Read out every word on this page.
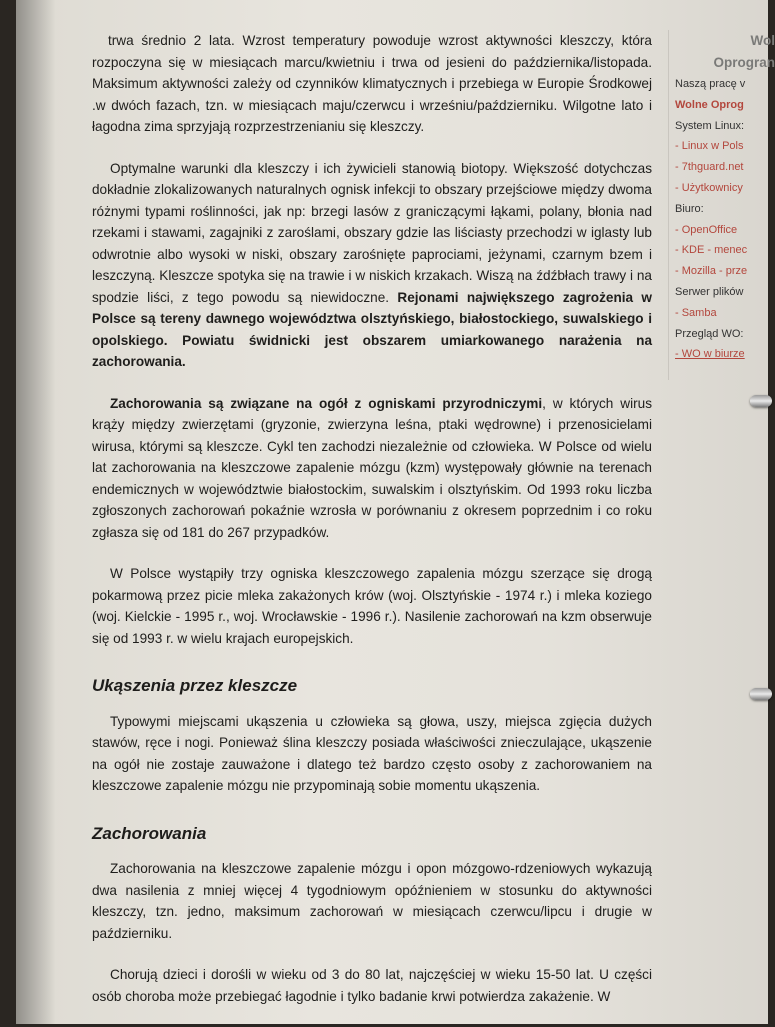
trwa średnio 2 lata. Wzrost temperatury powoduje wzrost aktywności kleszczy, która rozpoczyna się w miesiącach marcu/kwietniu i trwa od jesieni do października/listopada. Maksimum aktywności zależy od czynników klimatycznych i przebiega w Europie Środkowej .w dwóch fazach, tzn. w miesiącach maju/czerwcu i wrześniu/październiku. Wilgotne lato i łagodna zima sprzyjają rozprzestrzenianiu się kleszczy.

Optymalne warunki dla kleszczy i ich żywicieli stanowią biotopy. Większość dotychczas dokładnie zlokalizowanych naturalnych ognisk infekcji to obszary przejściowe między dwoma różnymi typami roślinności, jak np: brzegi lasów z graniczącymi łąkami, polany, błonia nad rzekami i stawami, zagajniki z zaroślami, obszary gdzie las liściasty przechodzi w iglasty lub odwrotnie albo wysoki w niski, obszary zarośnięte paprociami, jeżynami, czarnym bzem i leszczyną. Kleszcze spotyka się na trawie i w niskich krzakach. Wiszą na źdźbłach trawy i na spodzie liści, z tego powodu są niewidoczne. Rejonami największego zagrożenia w Polsce są tereny dawnego województwa olsztyńskiego, białostockiego, suwalskiego i opolskiego. Powiatu świdnicki jest obszarem umiarkowanego narażenia na zachorowania.

Zachorowania są związane na ogół z ogniskami przyrodniczymi, w których wirus krąży między zwierzętami (gryzonie, zwierzyna leśna, ptaki wędrowne) i przenosicielami wirusa, którymi są kleszcze. Cykl ten zachodzi niezależnie od człowieka. W Polsce od wielu lat zachorowania na kleszczowe zapalenie mózgu (kzm) występowały głównie na terenach endemicznych w województwie białostockim, suwalskim i olsztyńskim. Od 1993 roku liczba zgłoszonych zachorowań pokaźnie wzrosła w porównaniu z okresem poprzednim i co roku zgłasza się od 181 do 267 przypadków.

W Polsce wystąpiły trzy ogniska kleszczowego zapalenia mózgu szerzące się drogą pokarmową przez picie mleka zakażonych krów (woj. Olsztyńskie - 1974 r.) i mleka koziego (woj. Kielckie - 1995 r., woj. Wrocławskie - 1996 r.). Nasilenie zachorowań na kzm obserwuje się od 1993 r. w wielu krajach europejskich.

Ukąszenia przez kleszcze

Typowymi miejscami ukąszenia u człowieka są głowa, uszy, miejsca zgięcia dużych stawów, ręce i nogi. Ponieważ ślina kleszczy posiada właściwości znieczulające, ukąszenie na ogół nie zostaje zauważone i dlatego też bardzo często osoby z zachorowaniem na kleszczowe zapalenie mózgu nie przypominają sobie momentu ukąszenia.

Zachorowania

Zachorowania na kleszczowe zapalenie mózgu i opon mózgowo-rdzeniowych wykazują dwa nasilenia z mniej więcej 4 tygodniowym opóźnieniem w stosunku do aktywności kleszczy, tzn. jedno, maksimum zachorowań w miesiącach czerwcu/lipcu i drugie w październiku.

Chorują dzieci i dorośli w wieku od 3 do 80 lat, najczęściej w wieku 15-50 lat. U części osób choroba może przebiegać łagodnie i tylko badanie krwi potwierdza zakażenie. W

Wol
Oprogran
Naszą pracę v
Wolne Oprog
System Linux:
- Linux w Pols
- 7thguard.net
- Użytkownicy
Biuro:
- OpenOffice
- KDE - menec
- Mozilla - prze
Serwer plików
- Samba
Przegląd WO:
- WO w biurze
